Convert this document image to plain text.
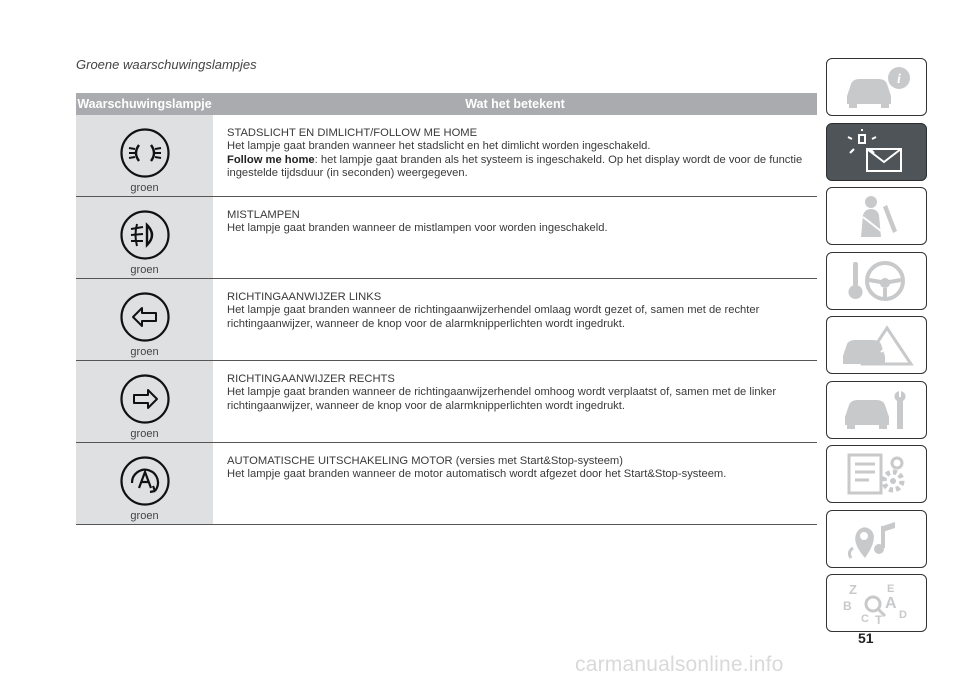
Groene waarschuwingslampjes
Waarschuwingslampje	Wat het betekent
groen
STADSLICHT EN DIMLICHT/FOLLOW ME HOME
Het lampje gaat branden wanneer het stadslicht en het dimlicht worden ingeschakeld.
Follow me home: het lampje gaat branden als het systeem is ingeschakeld. Op het display wordt de voor de functie ingestelde tijdsduur (in seconden) weergegeven.
groen
MISTLAMPEN
Het lampje gaat branden wanneer de mistlampen voor worden ingeschakeld.
groen
RICHTINGAANWIJZER LINKS
Het lampje gaat branden wanneer de richtingaanwijzerhendel omlaag wordt gezet of, samen met de rechter richtingaanwijzer, wanneer de knop voor de alarmknipperlichten wordt ingedrukt.
groen
RICHTINGAANWIJZER RECHTS
Het lampje gaat branden wanneer de richtingaanwijzerhendel omhoog wordt verplaatst of, samen met de linker richtingaanwijzer, wanneer de knop voor de alarmknipperlichten wordt ingedrukt.
groen
AUTOMATISCHE UITSCHAKELING MOTOR (versies met Start&Stop-systeem)
Het lampje gaat branden wanneer de motor automatisch wordt afgezet door het Start&Stop-systeem.
i
Z	E
B A
C T D
51
carmanualsonline.info
